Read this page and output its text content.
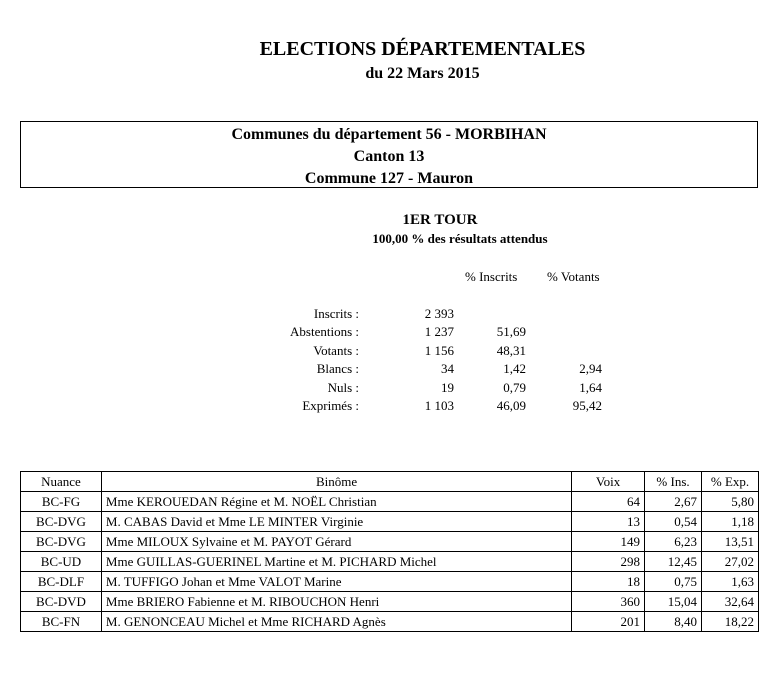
ELECTIONS DÉPARTEMENTALES
du 22 Mars 2015
Communes du département 56 - MORBIHAN
Canton 13
Commune 127 - Mauron
1ER TOUR
100,00 % des résultats attendus
% Inscrits % Votants
Inscrits :	2 393
Abstentions :	1 237	51,69
Votants :	1 156	48,31
Blancs :	34	1,42	2,94
Nuls :	19	0,79	1,64
Exprimés :	1 103	46,09	95,42
Nuance	Binôme	Voix	% Ins.	% Exp.
BC-FG	Mme KEROUEDAN Régine et M. NOËL Christian	64	2,67	5,80
BC-DVG	M. CABAS David et Mme LE MINTER Virginie	13	0,54	1,18
BC-DVG	Mme MILOUX Sylvaine et M. PAYOT Gérard	149	6,23	13,51
BC-UD	Mme GUILLAS-GUERINEL Martine et M. PICHARD Michel	298	12,45	27,02
BC-DLF	M. TUFFIGO Johan et Mme VALOT Marine	18	0,75	1,63
BC-DVD	Mme BRIERO Fabienne et M. RIBOUCHON Henri	360	15,04	32,64
BC-FN	M. GENONCEAU Michel et Mme RICHARD Agnès	201	8,40	18,22
